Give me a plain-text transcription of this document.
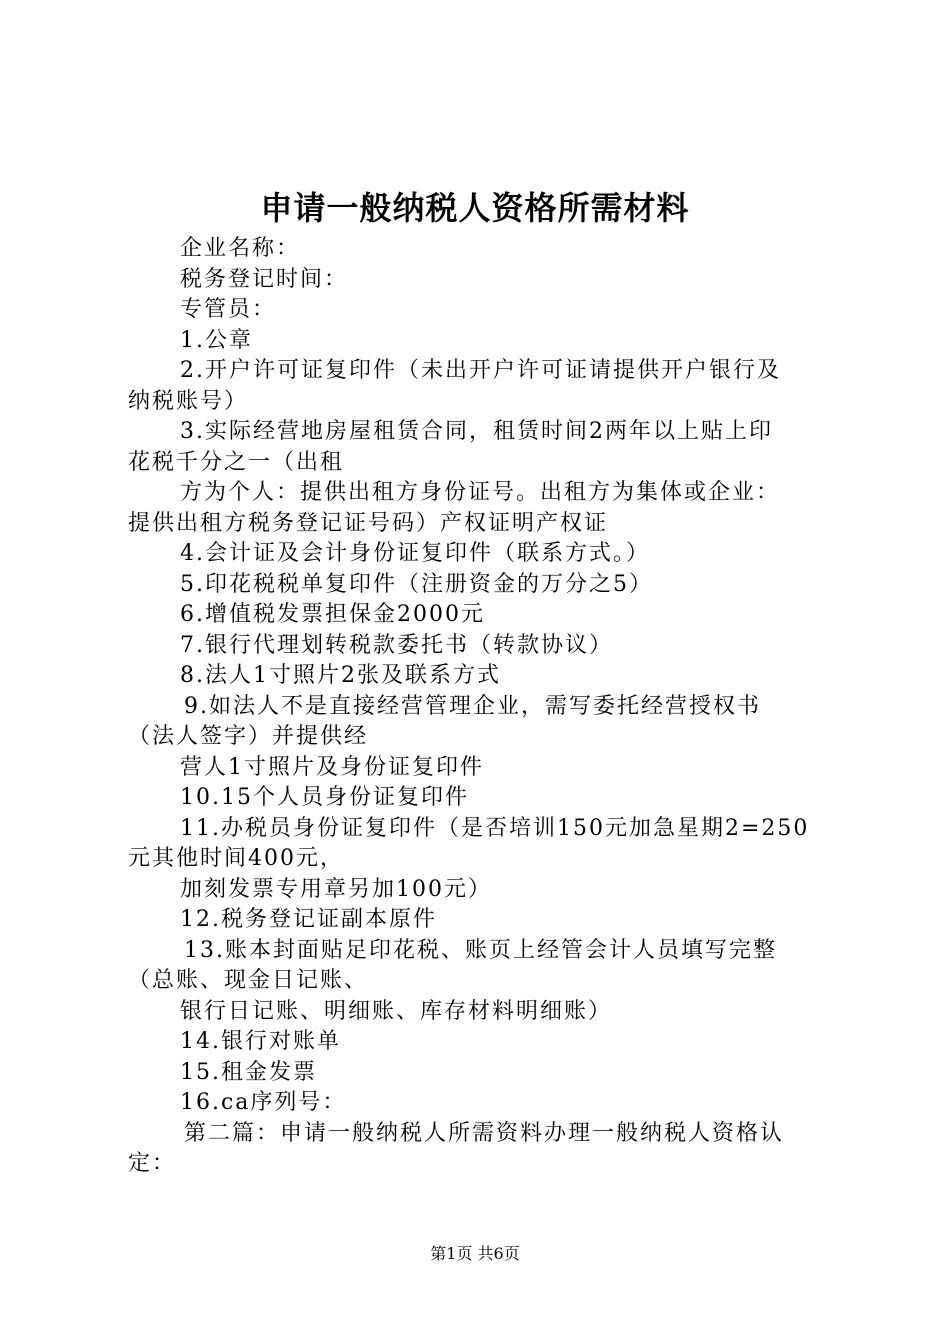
申请一般纳税人资格所需材料
企业名称：
税务登记时间：
专管员：
1.公章
2.开户许可证复印件（未出开户许可证请提供开户银行及
纳税账号）
3.实际经营地房屋租赁合同，租赁时间2两年以上贴上印
花税千分之一（出租
方为个人：提供出租方身份证号。出租方为集体或企业：
提供出租方税务登记证号码）产权证明产权证
4.会计证及会计身份证复印件（联系方式。）
5.印花税税单复印件（注册资金的万分之5）
6.增值税发票担保金2000元
7.银行代理划转税款委托书（转款协议）
8.法人1寸照片2张及联系方式
9.如法人不是直接经营管理企业，需写委托经营授权书
（法人签字）并提供经
营人1寸照片及身份证复印件
10.15个人员身份证复印件
11.办税员身份证复印件（是否培训150元加急星期2=250
元其他时间400元，
加刻发票专用章另加100元）
12.税务登记证副本原件
13.账本封面贴足印花税、账页上经管会计人员填写完整
（总账、现金日记账、
银行日记账、明细账、库存材料明细账）
14.银行对账单
15.租金发票
16.ca序列号：
第二篇：申请一般纳税人所需资料办理一般纳税人资格认
定：
第1页 共6页
